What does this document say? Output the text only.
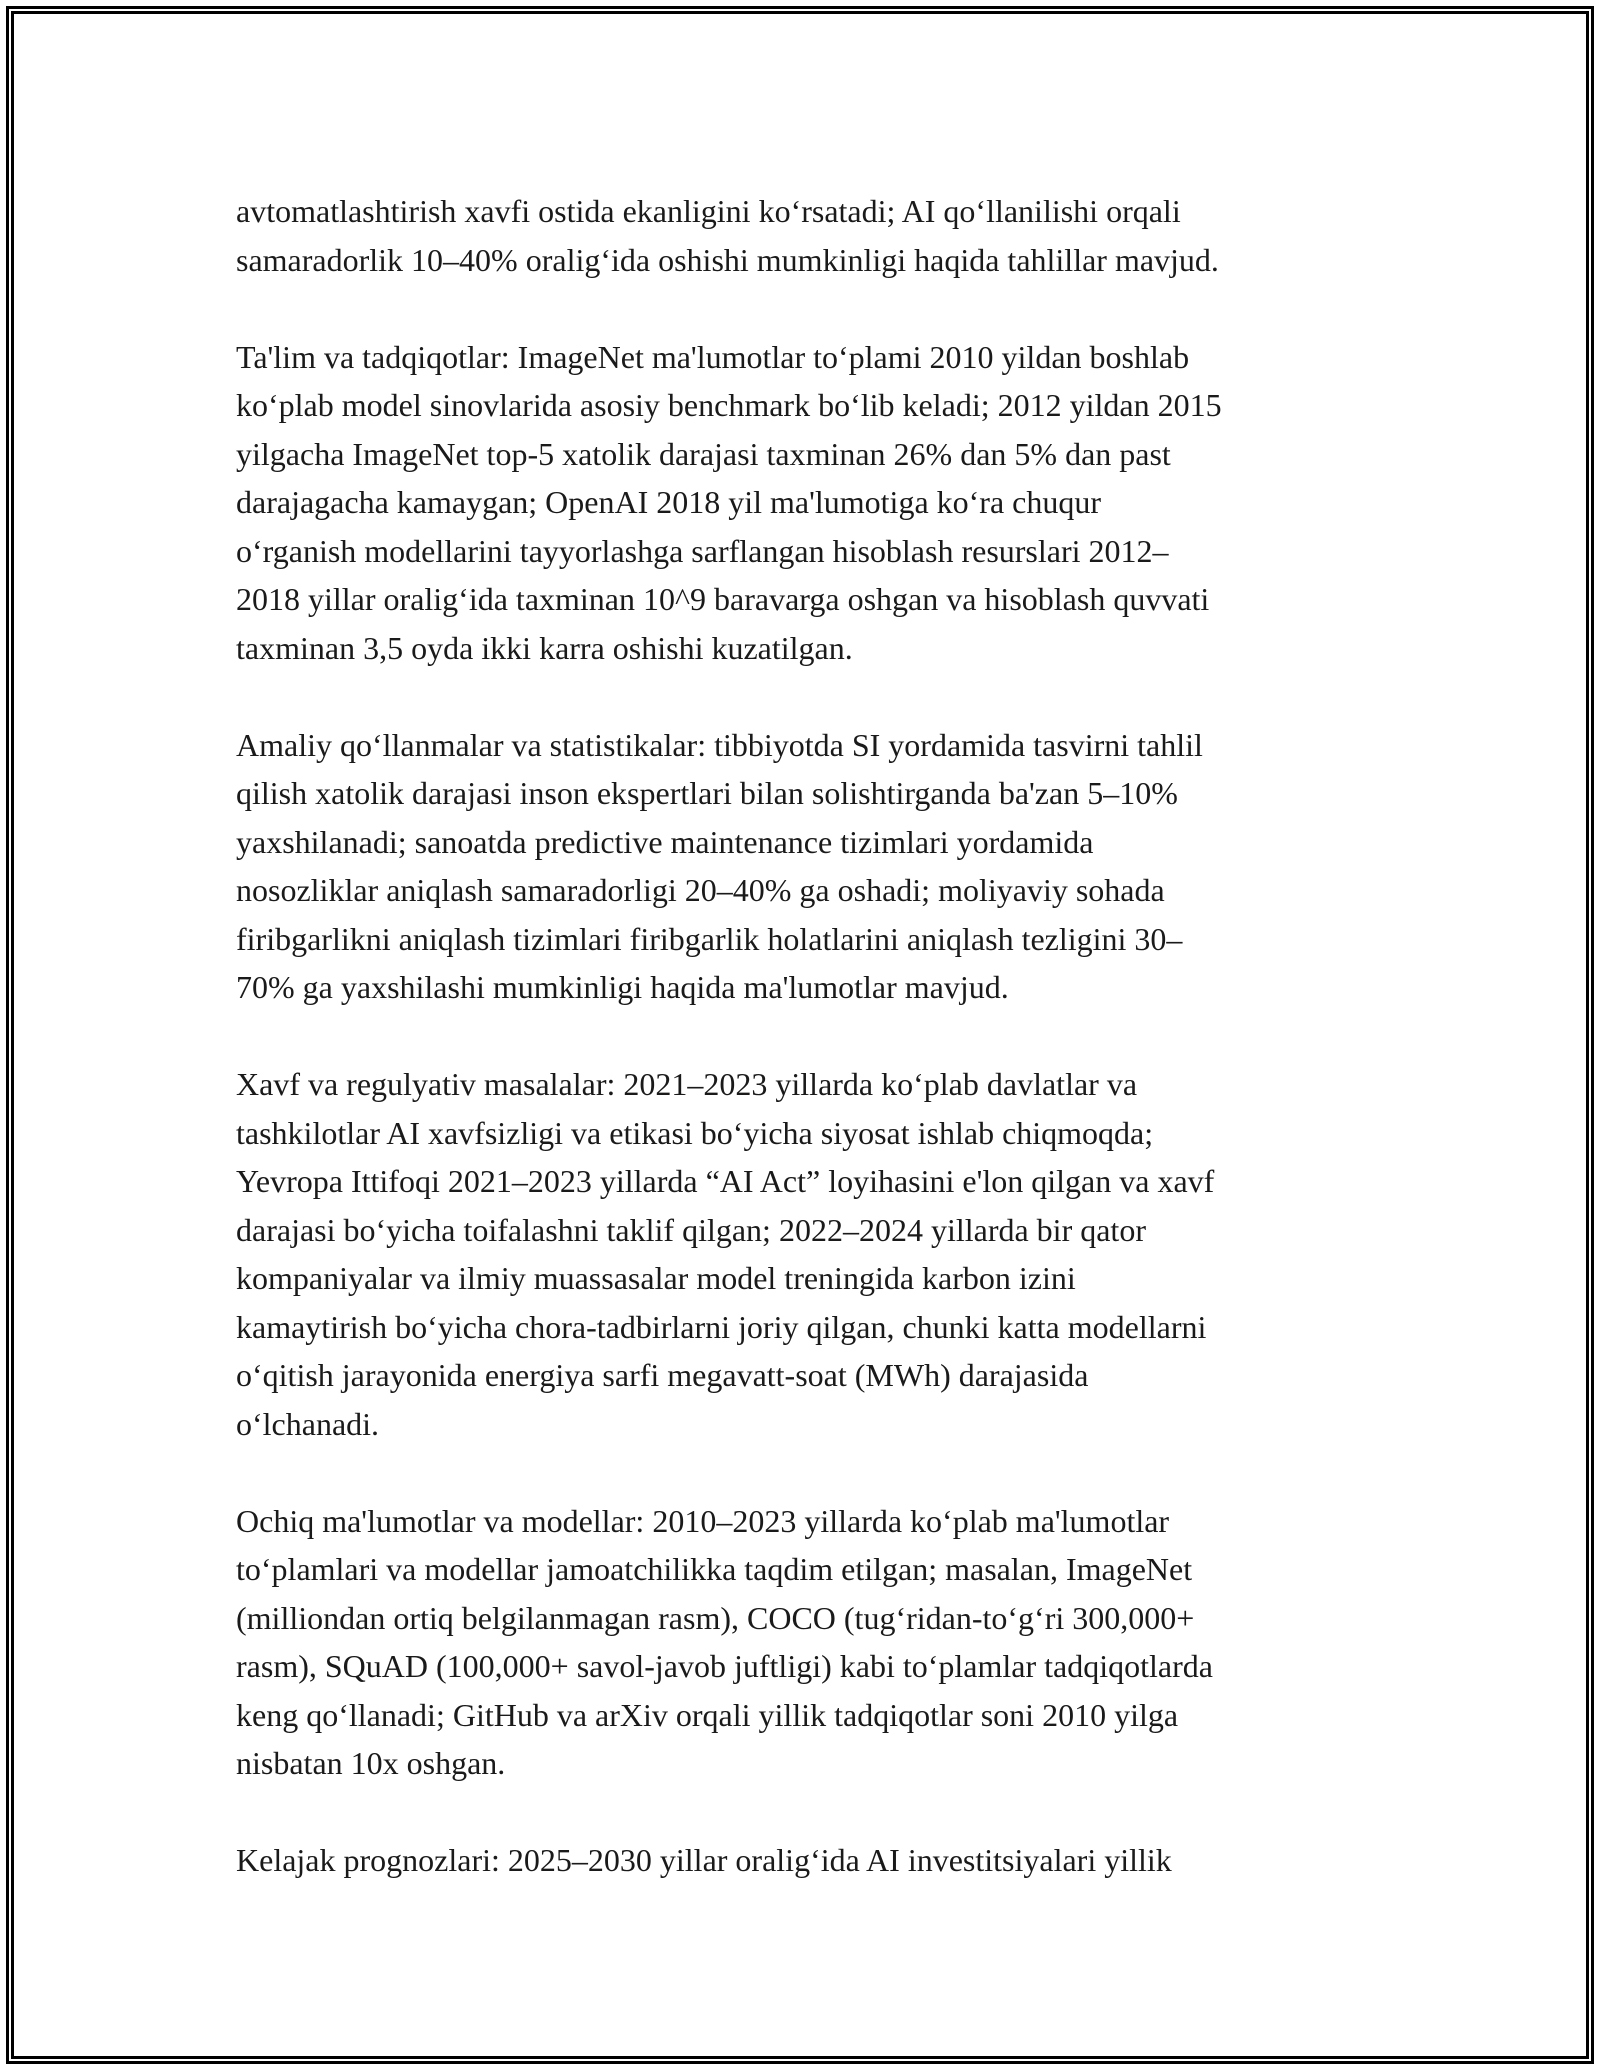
avtomatlashtirish xavfi ostida ekanligini ko‘rsatadi; AI qo‘llanilishi orqali
samaradorlik 10–40% oralig‘ida oshishi mumkinligi haqida tahlillar mavjud.

Ta'lim va tadqiqotlar: ImageNet ma'lumotlar to‘plami 2010 yildan boshlab
ko‘plab model sinovlarida asosiy benchmark bo‘lib keladi; 2012 yildan 2015
yilgacha ImageNet top-5 xatolik darajasi taxminan 26% dan 5% dan past
darajagacha kamaygan; OpenAI 2018 yil ma'lumotiga ko‘ra chuqur
o‘rganish modellarini tayyorlashga sarflangan hisoblash resurslari 2012–
2018 yillar oralig‘ida taxminan 10^9 baravarga oshgan va hisoblash quvvati
taxminan 3,5 oyda ikki karra oshishi kuzatilgan.

Amaliy qo‘llanmalar va statistikalar: tibbiyotda SI yordamida tasvirni tahlil
qilish xatolik darajasi inson ekspertlari bilan solishtirganda ba'zan 5–10%
yaxshilanadi; sanoatda predictive maintenance tizimlari yordamida
nosozliklar aniqlash samaradorligi 20–40% ga oshadi; moliyaviy sohada
firibgarlikni aniqlash tizimlari firibgarlik holatlarini aniqlash tezligini 30–
70% ga yaxshilashi mumkinligi haqida ma'lumotlar mavjud.

Xavf va regulyativ masalalar: 2021–2023 yillarda ko‘plab davlatlar va
tashkilotlar AI xavfsizligi va etikasi bo‘yicha siyosat ishlab chiqmoqda;
Yevropa Ittifoqi 2021–2023 yillarda “AI Act” loyihasini e'lon qilgan va xavf
darajasi bo‘yicha toifalashni taklif qilgan; 2022–2024 yillarda bir qator
kompaniyalar va ilmiy muassasalar model treningida karbon izini
kamaytirish bo‘yicha chora-tadbirlarni joriy qilgan, chunki katta modellarni
o‘qitish jarayonida energiya sarfi megavatt-soat (MWh) darajasida
o‘lchanadi.

Ochiq ma'lumotlar va modellar: 2010–2023 yillarda ko‘plab ma'lumotlar
to‘plamlari va modellar jamoatchilikka taqdim etilgan; masalan, ImageNet
(milliondan ortiq belgilanmagan rasm), COCO (tug‘ridan-to‘g‘ri 300,000+
rasm), SQuAD (100,000+ savol-javob juftligi) kabi to‘plamlar tadqiqotlarda
keng qo‘llanadi; GitHub va arXiv orqali yillik tadqiqotlar soni 2010 yilga
nisbatan 10x oshgan.

Kelajak prognozlari: 2025–2030 yillar oralig‘ida AI investitsiyalari yillik
